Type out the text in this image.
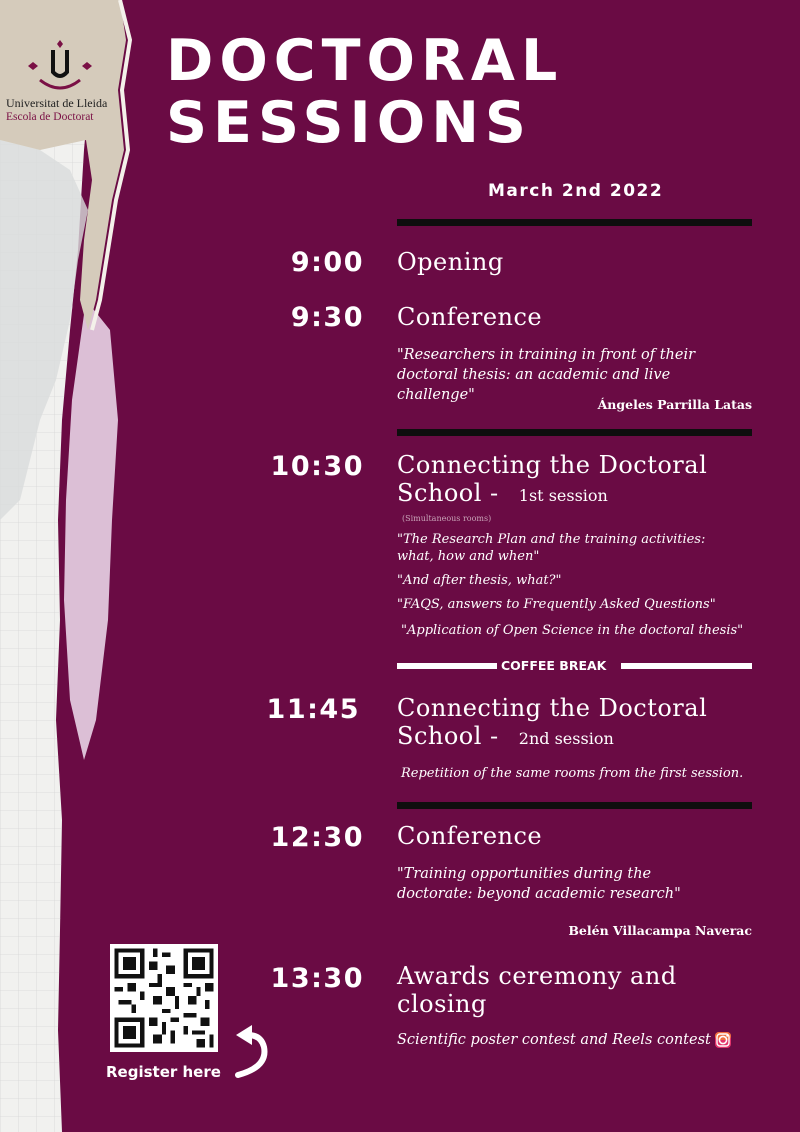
Universitat de Lleida
Escola de Doctorat
DOCTORAL
SESSIONS
March 2nd 2022
9:00 Opening
9:30 Conference
"Researchers in training in front of their doctoral thesis: an academic and live challenge"
Ángeles Parrilla Latas
10:30 Connecting the Doctoral
School - 1st session
(Simultaneous rooms)
"The Research Plan and the training activities: what, how and when"
"And after thesis, what?"
"FAQS, answers to Frequently Asked Questions"
"Application of Open Science in the doctoral thesis"
COFFEE BREAK
11:45 Connecting the Doctoral
School - 2nd session
Repetition of the same rooms from the first session.
12:30 Conference
"Training opportunities during the doctorate: beyond academic research"
Belén Villacampa Naverac
13:30 Awards ceremony and closing
Scientific poster contest and Reels contest
Register here
